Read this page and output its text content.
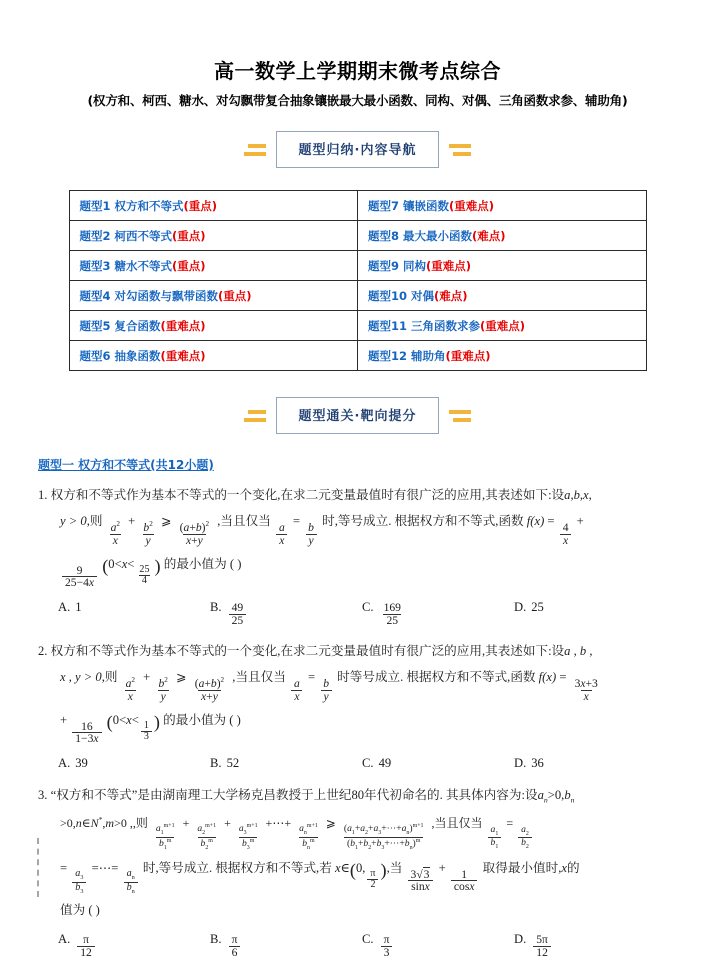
高一数学上学期期末微考点综合
(权方和、柯西、糖水、对勾飘带复合抽象镶嵌最大最小函数、同构、对偶、三角函数求参、辅助角)
题型归纳·内容导航
题型1 权方和不等式(重点)	题型7 镶嵌函数(重难点)
题型2 柯西不等式(重点)	题型8 最大最小函数(难点)
题型3 糖水不等式(重点)	题型9 同构(重难点)
题型4 对勾函数与飘带函数(重点)	题型10 对偶(难点)
题型5 复合函数(重难点)	题型11 三角函数求参(重难点)
题型6 抽象函数(重难点)	题型12 辅助角(重难点)
题型通关·靶向提分
题型一 权方和不等式(共12小题)
1. 权方和不等式作为基本不等式的一个变化,在求二元变量最值时有很广泛的应用,其表述如下:设a,b,x,
y > 0,则
$\frac{a^2}{x}$
+
$\frac{b^2}{y}$
⩾
$\frac{(a+b)^2}{x+y}$
,当且仅当
$\frac{a}{x}$
=
$\frac{b}{y}$
时,等号成立. 根据权方和不等式,函数 f(x) =
$\frac{4}{x}$
+
$\frac{9}{25-4x} (0<x<$
$\frac{25}{4}$ ) 的最小值为 ( )
A. 1	B. $\frac{49}{25}$	C. $\frac{169}{25}$	D. 25
2. 权方和不等式作为基本不等式的一个变化,在求二元变量最值时有很广泛的应用,其表述如下:设a , b ,
x , y > 0,则
$\frac{a^2}{x}$
+
$\frac{b^2}{y}$
⩾
$\frac{(a+b)^2}{x+y}$
,当且仅当
$\frac{a}{x}$
=
$\frac{b}{y}$
时等号成立. 根据权方和不等式,函数 f(x) =
$\frac{3x+3}{x}$
+
$\frac{16}{1-3x} (0<x<$
$\frac{1}{3}$ ) 的最小值为 ( )
A. 39	B. 52	C. 49	D. 36
3. “权方和不等式”是由湖南理工大学杨克昌教授于上世纪80年代初命名的. 其具体内容为:设$a_n>0,b_n$
>0,n∈N*,m>0 ,,则
$\frac{a_1^{m+1}}{b_1^m}$
+
$\frac{a_2^{m+1}}{b_2^m}$
+
$\frac{a_3^{m+1}}{b_3^m}$
+⋯+
$\frac{a_n^{m+1}}{b_n^m}$
⩾
$\frac{(a_1+a_2+a_3+\cdots+a_n)^{m+1}}{(b_1+b_2+b_3+\cdots+b_n)^m}$
,当且仅当
$\frac{a_1}{b_1}$
=
$\frac{a_2}{b_2}$
=
$\frac{a_3}{b_3}$
=⋯=
$\frac{a_n}{b_n}$
时,等号成立. 根据权方和不等式,若 x∈(0,
$\frac{\pi}{2}$ ),当
$\frac{3√3}{\sin x}$
+
$\frac{1}{\cos x}$
取得最小值时,x的
值为 ( )
A. $\frac{\pi}{12}$	B. $\frac{\pi}{6}$	C. $\frac{\pi}{3}$	D. $\frac{5\pi}{12}$
